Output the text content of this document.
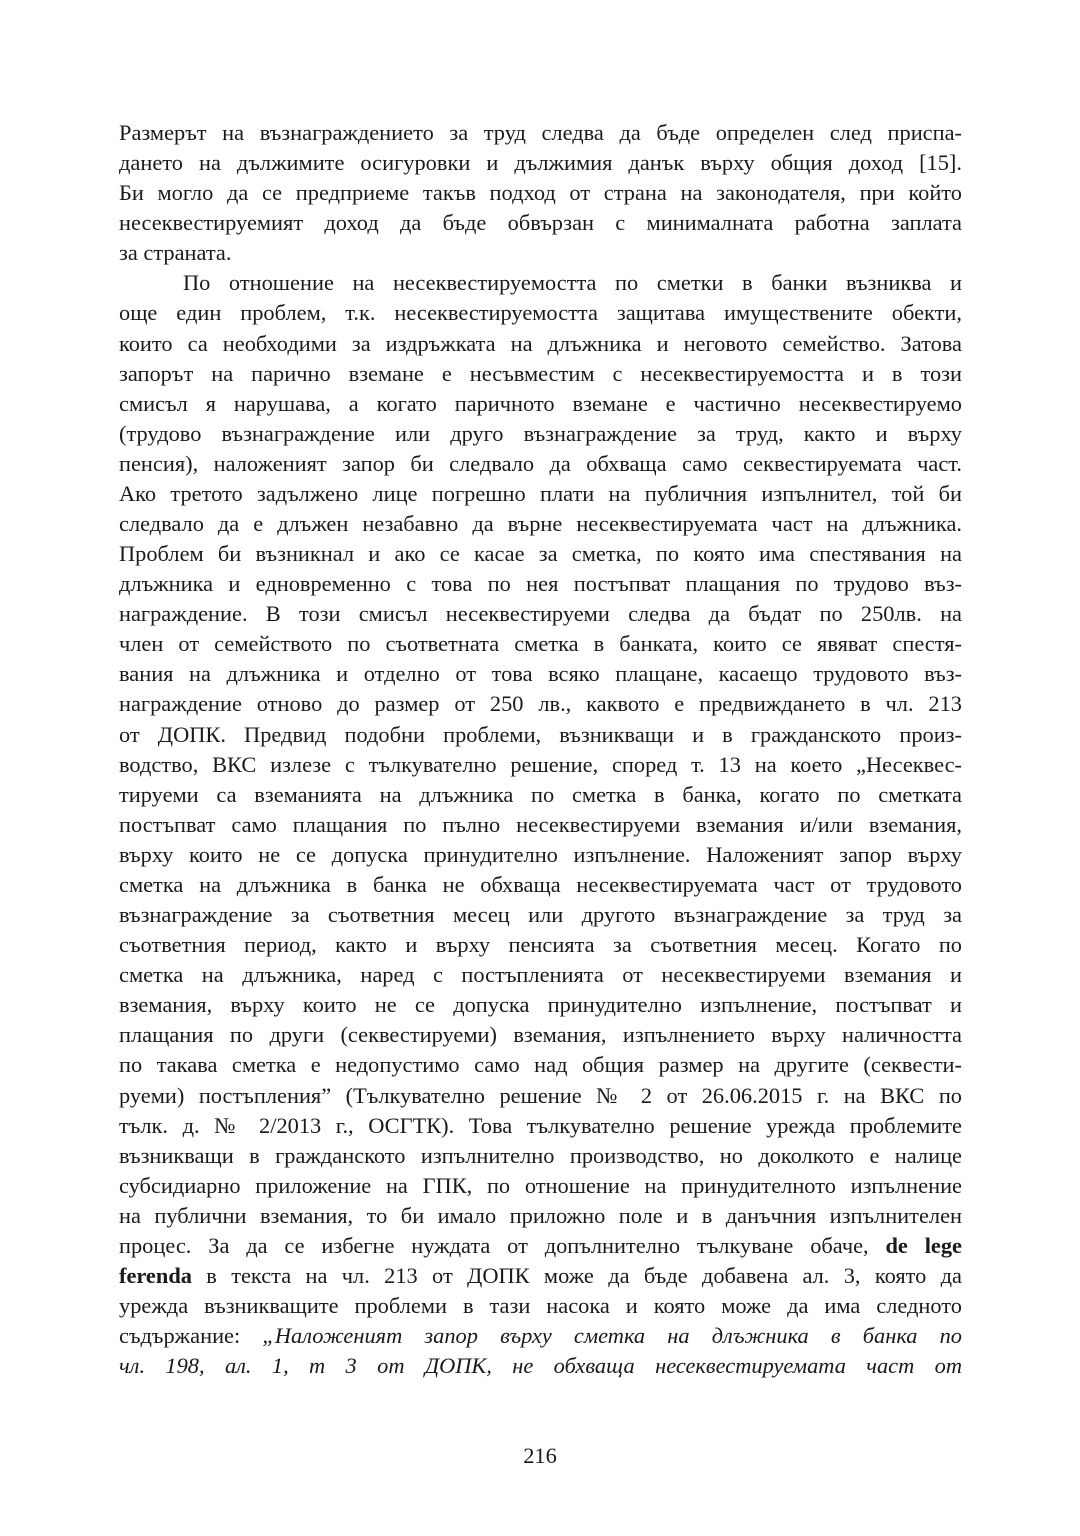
Размерът на възнаграждението за труд следва да бъде определен след приспа-
дането на дължимите осигуровки и дължимия данък върху общия доход [15].
Би могло да се предприеме такъв подход от страна на законодателя, при който
несеквестируемият доход да бъде обвързан с минималната работна заплата
за страната.
По отношение на несеквестируемостта по сметки в банки възниква и
още един проблем, т.к. несеквестируемостта защитава имуществените обекти,
които са необходими за издръжката на длъжника и неговото семейство. Затова
запорът на парично вземане е несъвместим с несеквестируемостта и в този
смисъл я нарушава, а когато паричното вземане е частично несеквестируемо
(трудово възнаграждение или друго възнаграждение за труд, както и върху
пенсия), наложеният запор би следвало да обхваща само секвестируемата част.
Ако третото задължено лице погрешно плати на публичния изпълнител, той би
следвало да е длъжен незабавно да върне несеквестируемата част на длъжника.
Проблем би възникнал и ако се касае за сметка, по която има спестявания на
длъжника и едновременно с това по нея постъпват плащания по трудово въз-
награждение. В този смисъл несеквестируеми следва да бъдат по 250лв. на
член от семейството по съответната сметка в банката, които се явяват спестя-
вания на длъжника и отделно от това всяко плащане, касаещо трудовото въз-
награждение отново до размер от 250 лв., каквото е предвиждането в чл. 213
от ДОПК. Предвид подобни проблеми, възникващи и в гражданското произ-
водство, ВКС излезе с тълкувателно решение, според т. 13 на което „Несеквес-
тируеми са вземанията на длъжника по сметка в банка, когато по сметката
постъпват само плащания по пълно несеквестируеми вземания и/или вземания,
върху които не се допуска принудително изпълнение. Наложеният запор върху
сметка на длъжника в банка не обхваща несеквестируемата част от трудовото
възнаграждение за съответния месец или другото възнаграждение за труд за
съответния период, както и върху пенсията за съответния месец. Когато по
сметка на длъжника, наред с постъпленията от несеквестируеми вземания и
вземания, върху които не се допуска принудително изпълнение, постъпват и
плащания по други (секвестируеми) вземания, изпълнението върху наличността
по такава сметка е недопустимо само над общия размер на другите (секвести-
руеми) постъпления” (Тълкувателно решение № 2 от 26.06.2015 г. на ВКС по
тълк. д. № 2/2013 г., ОСГТК). Това тълкувателно решение урежда проблемите
възникващи в гражданското изпълнително производство, но доколкото е налице
субсидиарно приложение на ГПК, по отношение на принудителното изпълнение
на публични вземания, то би имало приложно поле и в данъчния изпълнителен
процес. За да се избегне нуждата от допълнително тълкуване обаче, de lege
ferenda в текста на чл. 213 от ДОПК може да бъде добавена ал. 3, която да
урежда възникващите проблеми в тази насока и която може да има следното
съдържание: „Наложеният запор върху сметка на длъжника в банка по
чл. 198, ал. 1, т 3 от ДОПК, не обхваща несеквестируемата част от
216
